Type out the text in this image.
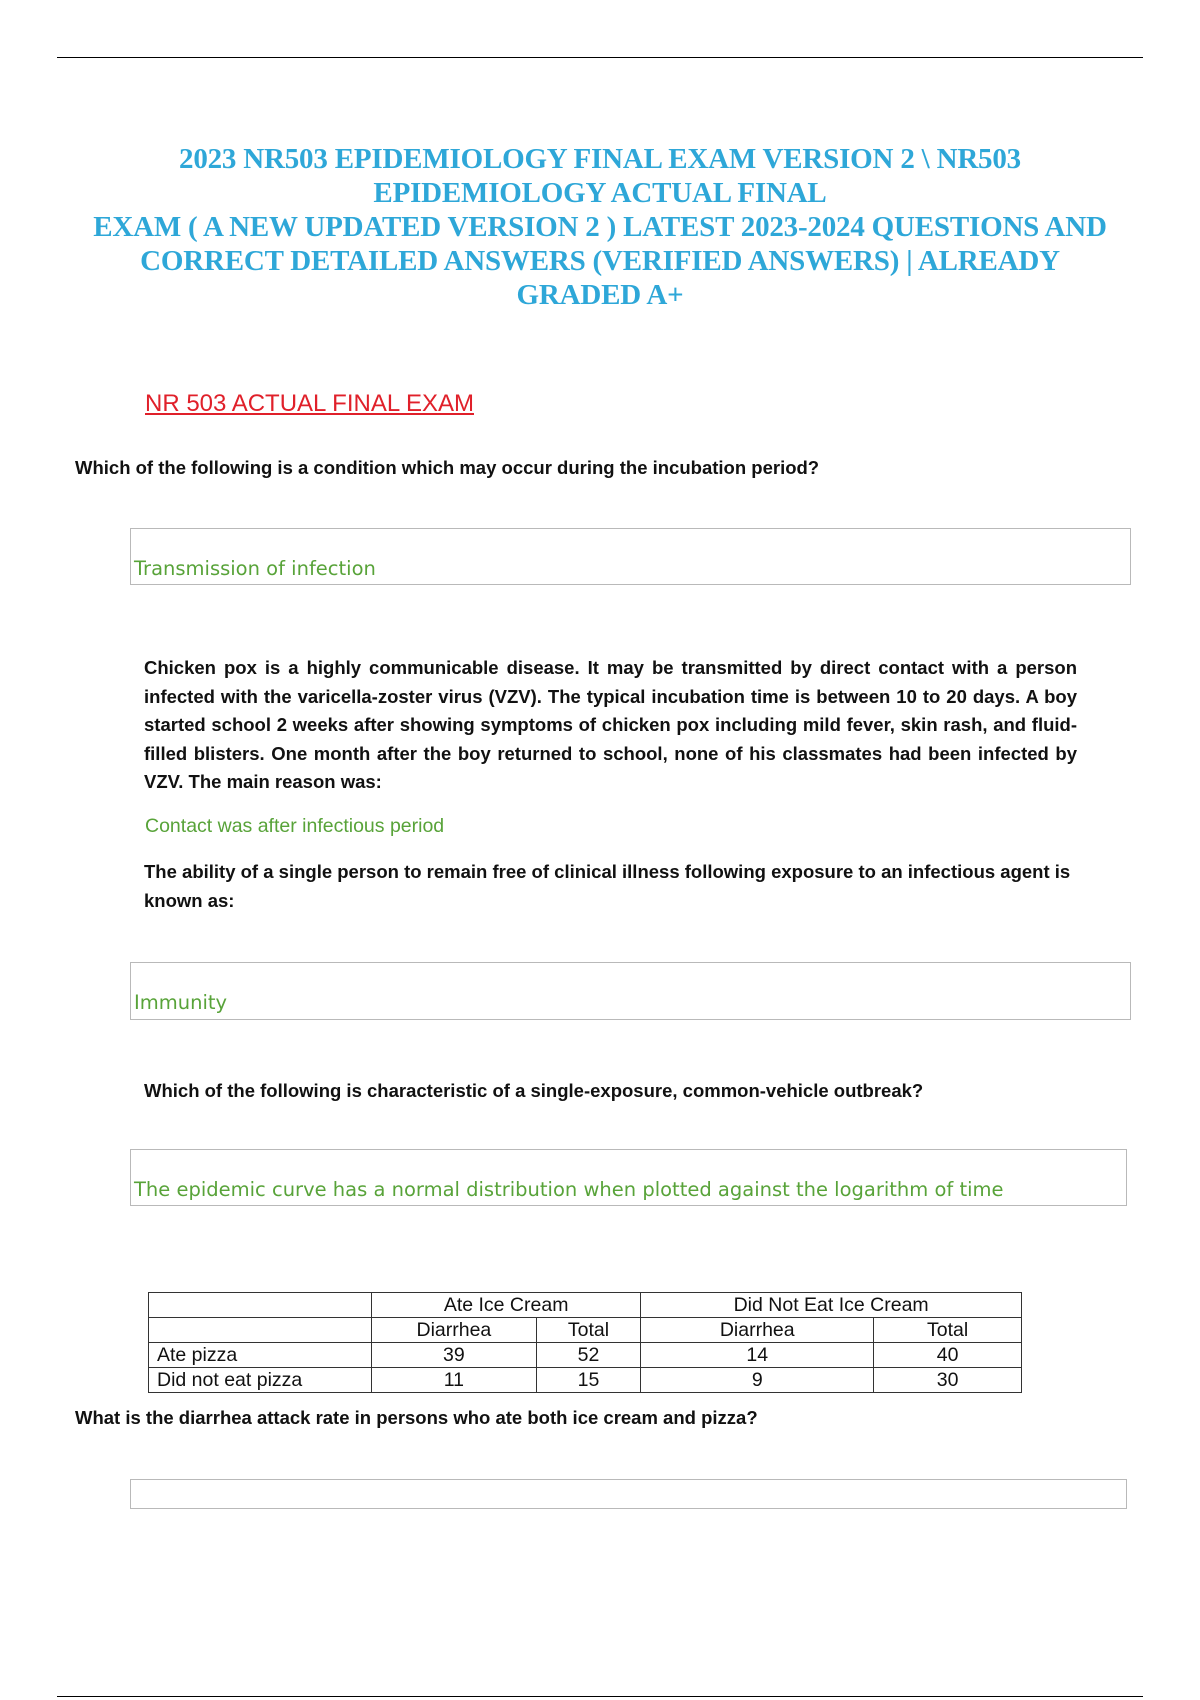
2023 NR503 EPIDEMIOLOGY FINAL EXAM VERSION 2 \ NR503
EPIDEMIOLOGY ACTUAL FINAL
EXAM ( A NEW UPDATED VERSION 2 ) LATEST 2023-2024 QUESTIONS AND
CORRECT DETAILED ANSWERS (VERIFIED ANSWERS) | ALREADY
GRADED A+
NR 503 ACTUAL FINAL EXAM
Which of the following is a condition which may occur during the incubation period?
Transmission of infection
Chicken pox is a highly communicable disease. It may be transmitted by direct contact with a person infected with the varicella-zoster virus (VZV). The typical incubation time is between 10 to 20 days. A boy started school 2 weeks after showing symptoms of chicken pox including mild fever, skin rash, and fluid-filled blisters. One month after the boy returned to school, none of his classmates had been infected by VZV. The main reason was:
Contact was after infectious period
The ability of a single person to remain free of clinical illness following exposure to an infectious agent is known as:
Immunity
Which of the following is characteristic of a single-exposure, common-vehicle outbreak?
The epidemic curve has a normal distribution when plotted against the logarithm of time
	Ate Ice Cream		Did Not Eat Ice Cream	
	Diarrhea	Total	Diarrhea	Total
Ate pizza	39	52	14	40
Did not eat pizza	11	15	9	30
What is the diarrhea attack rate in persons who ate both ice cream and pizza?
